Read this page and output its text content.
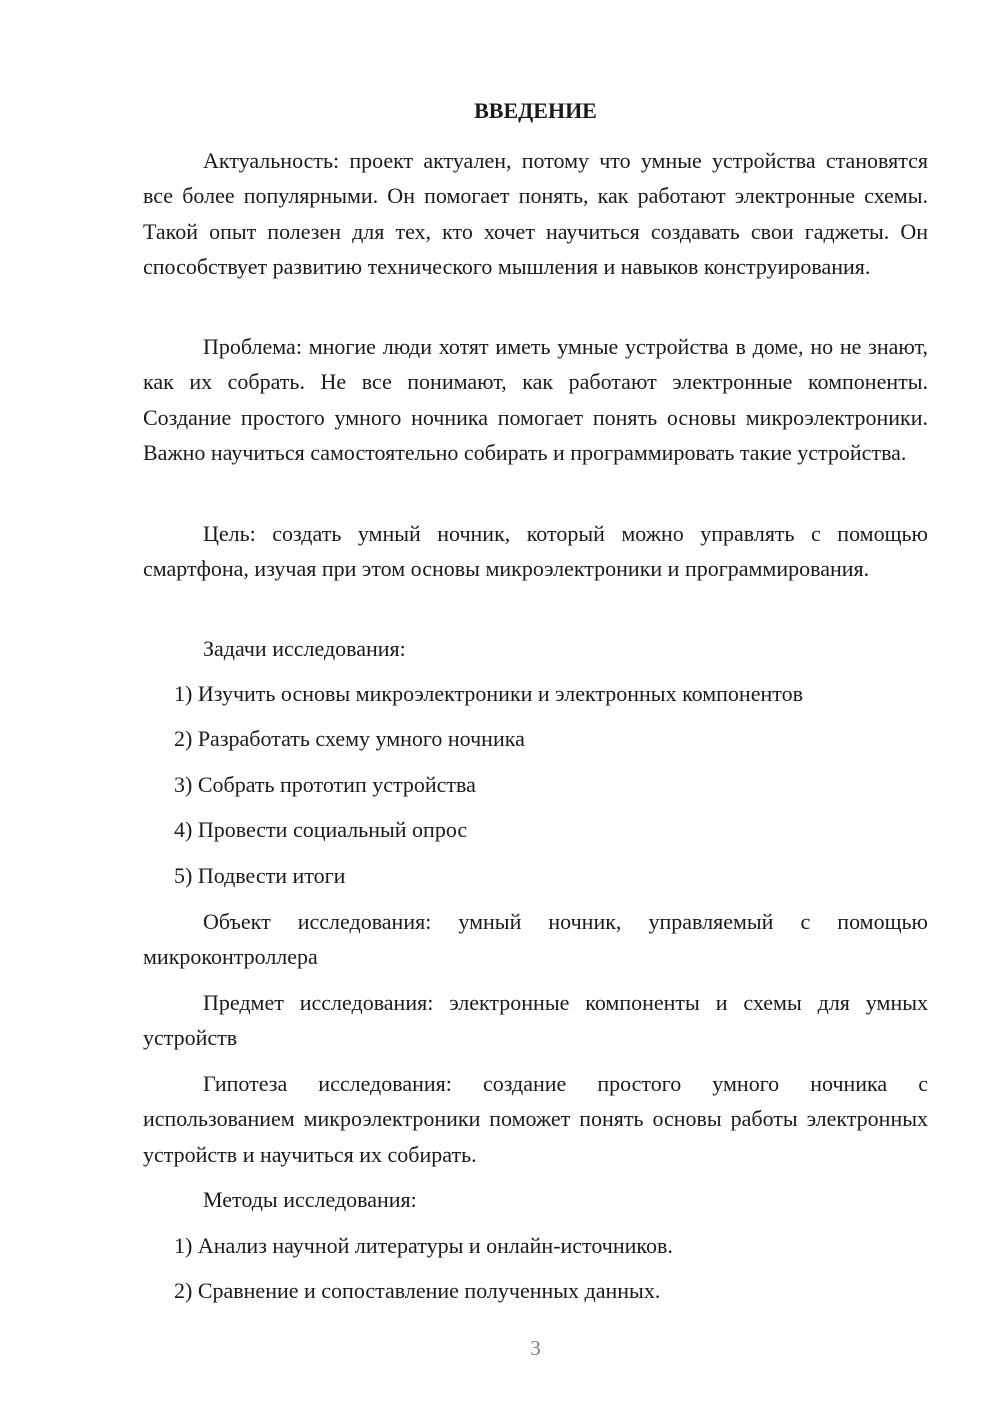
ВВЕДЕНИЕ

Актуальность: проект актуален, потому что умные устройства становятся все более популярными. Он помогает понять, как работают электронные схемы. Такой опыт полезен для тех, кто хочет научиться создавать свои гаджеты. Он способствует развитию технического мышления и навыков конструирования.

Проблема: многие люди хотят иметь умные устройства в доме, но не знают, как их собрать. Не все понимают, как работают электронные компоненты. Создание простого умного ночника помогает понять основы микроэлектроники. Важно научиться самостоятельно собирать и программировать такие устройства.

Цель: создать умный ночник, который можно управлять с помощью смартфона, изучая при этом основы микроэлектроники и программирования.

Задачи исследования:

1) Изучить основы микроэлектроники и электронных компонентов
2) Разработать схему умного ночника
3) Собрать прототип устройства
4) Провести социальный опрос
5) Подвести итоги

Объект исследования: умный ночник, управляемый с помощью микроконтроллера

Предмет исследования: электронные компоненты и схемы для умных устройств

Гипотеза исследования: создание простого умного ночника с использованием микроэлектроники поможет понять основы работы электронных устройств и научиться их собирать.

Методы исследования:

1) Анализ научной литературы и онлайн-источников.
2) Сравнение и сопоставление полученных данных.

3
